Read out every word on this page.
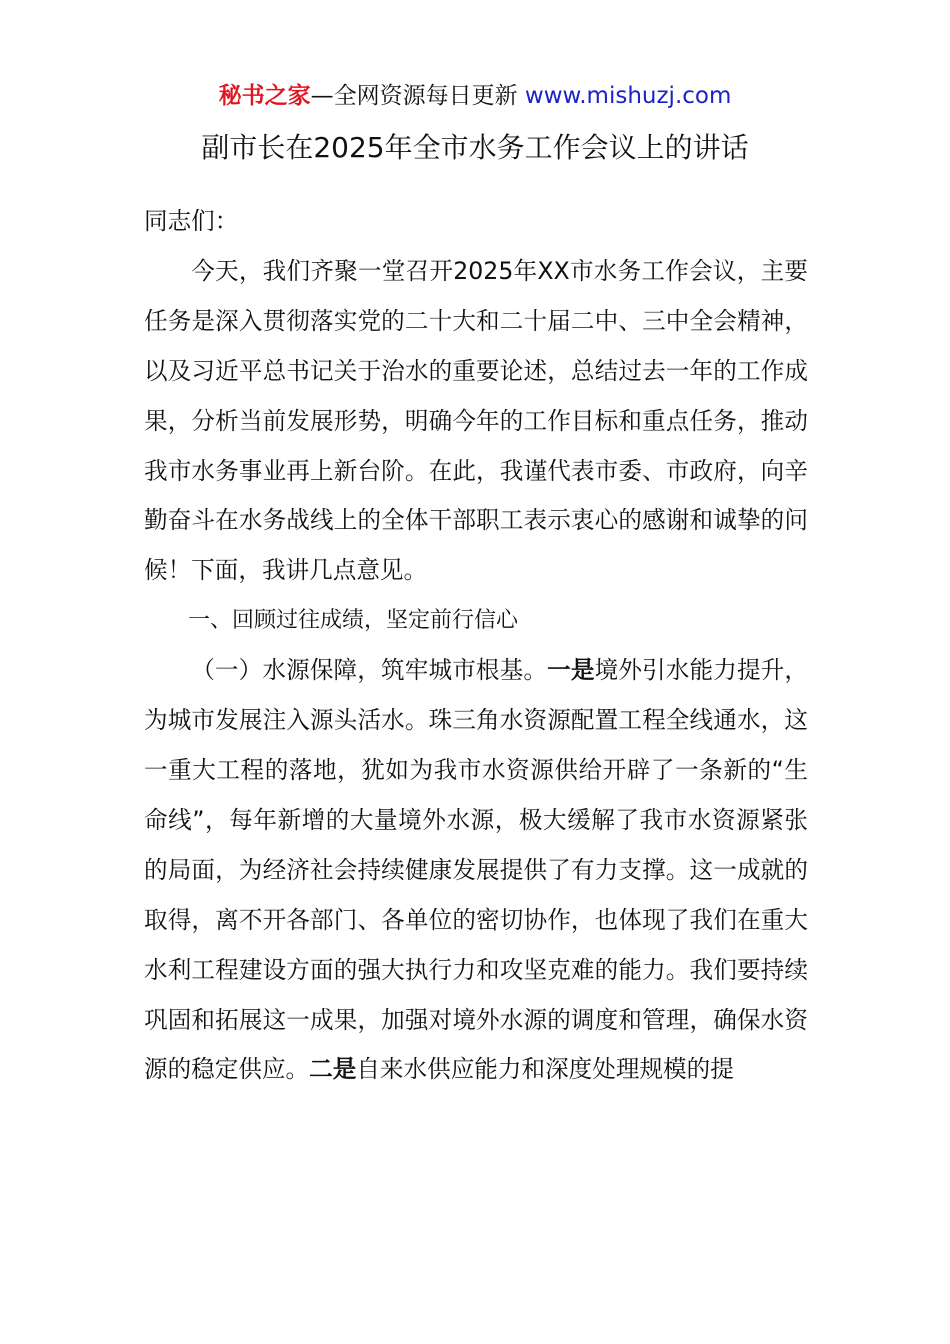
秘书之家—全网资源每日更新 www.mishuzj.com
副市长在2025年全市水务工作会议上的讲话

同志们：

今天，我们齐聚一堂召开2025年XX市水务工作会议，主要任务是深入贯彻落实党的二十大和二十届二中、三中全会精神，以及习近平总书记关于治水的重要论述，总结过去一年的工作成果，分析当前发展形势，明确今年的工作目标和重点任务，推动我市水务事业再上新台阶。在此，我谨代表市委、市政府，向辛勤奋斗在水务战线上的全体干部职工表示衷心的感谢和诚挚的问候！下面，我讲几点意见。

一、回顾过往成绩，坚定前行信心

（一）水源保障，筑牢城市根基。一是境外引水能力提升，为城市发展注入源头活水。珠三角水资源配置工程全线通水，这一重大工程的落地，犹如为我市水资源供给开辟了一条新的“生命线”，每年新增的大量境外水源，极大缓解了我市水资源紧张的局面，为经济社会持续健康发展提供了有力支撑。这一成就的取得，离不开各部门、各单位的密切协作，也体现了我们在重大水利工程建设方面的强大执行力和攻坚克难的能力。我们要持续巩固和拓展这一成果，加强对境外水源的调度和管理，确保水资源的稳定供应。二是自来水供应能力和深度处理规模的提
